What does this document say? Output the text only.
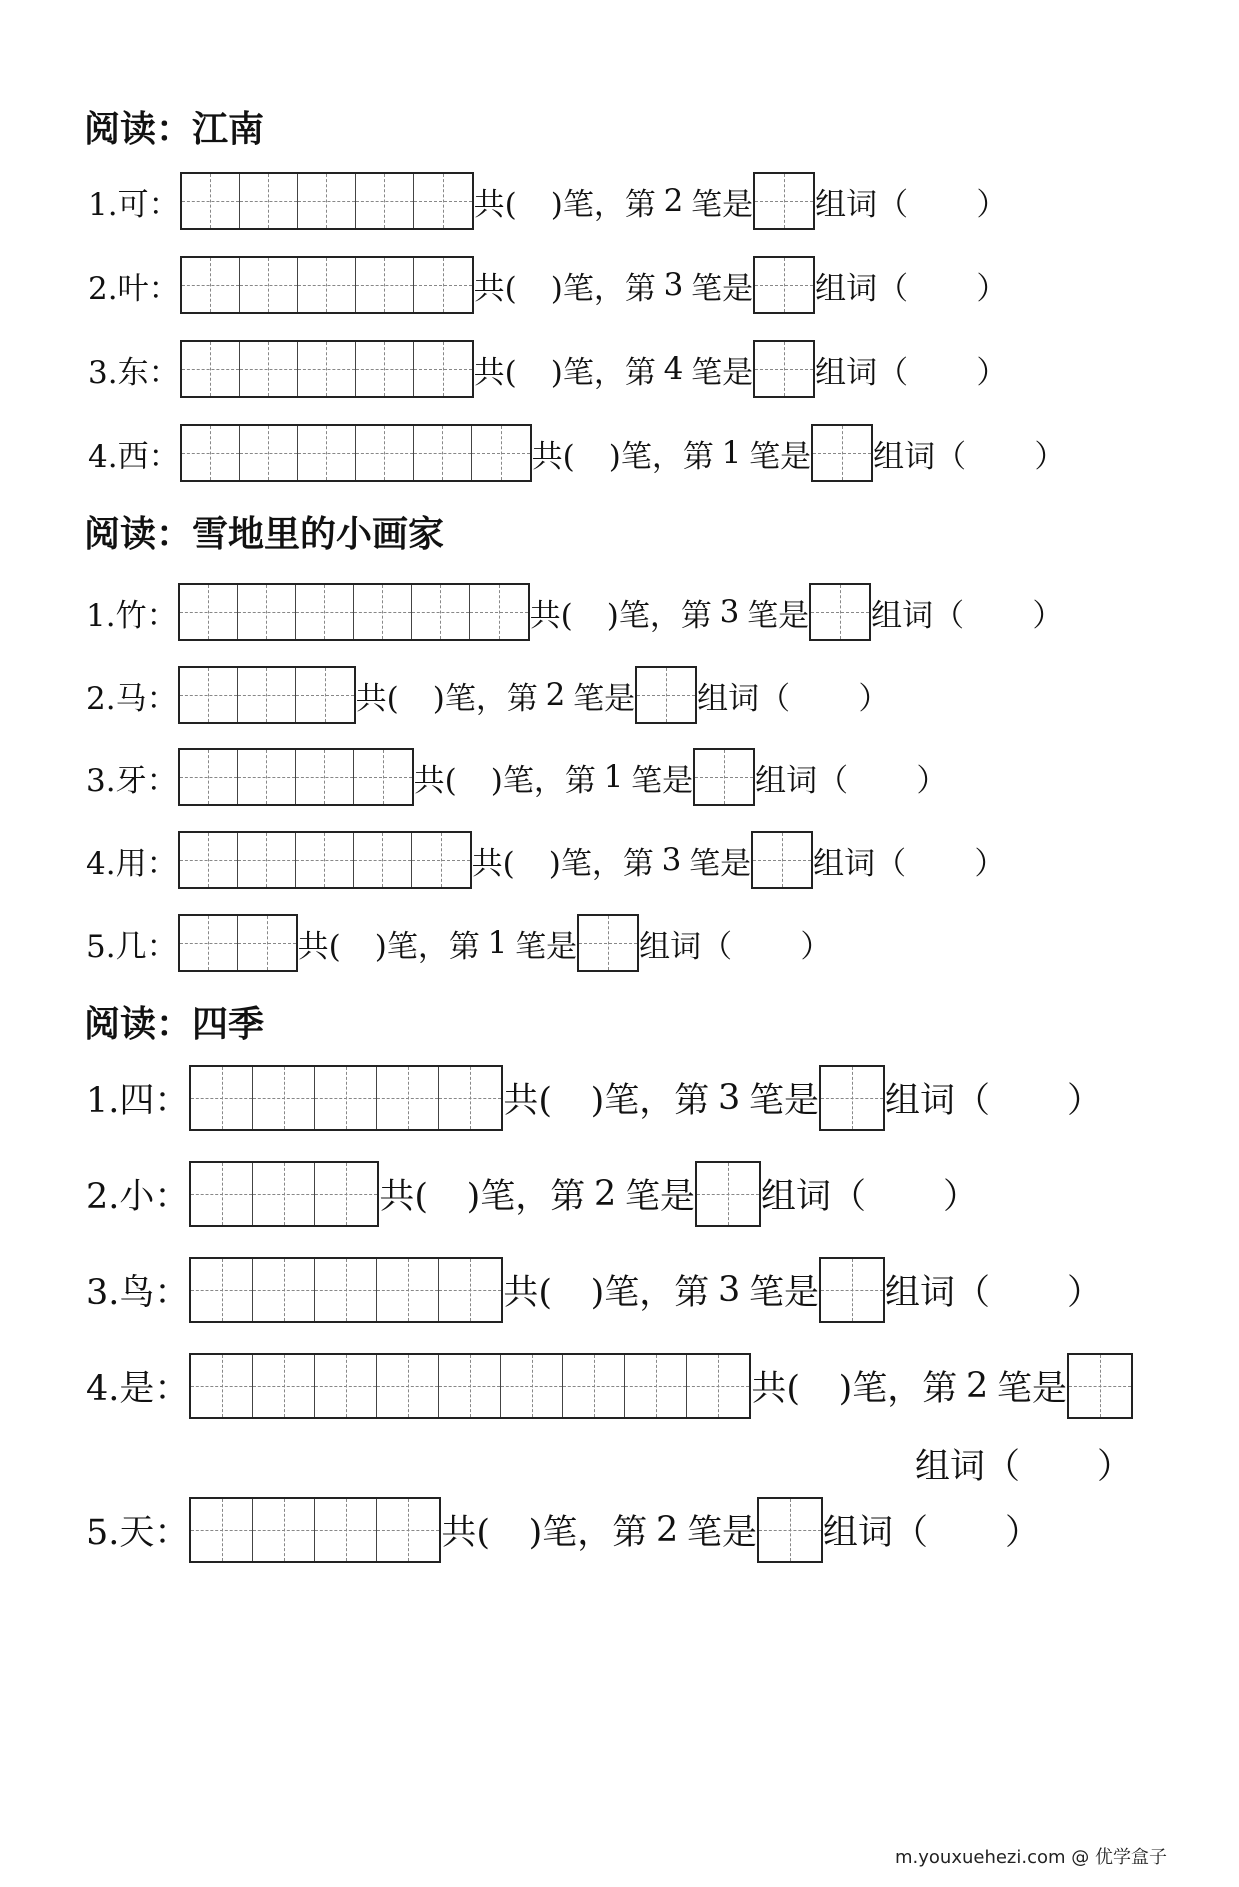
阅读：江南
1.可：	共( )笔，第 2 笔是 组词（ ）
2.叶：	共( )笔，第 3 笔是 组词（ ）
3.东：	共( )笔，第 4 笔是 组词（ ）
4.西：	共( )笔，第 1 笔是 组词（ ）
阅读：雪地里的小画家
1.竹：	共( )笔，第 3 笔是 组词（ ）
2.马：	共( )笔，第 2 笔是 组词（ ）
3.牙：	共( )笔，第 1 笔是 组词（ ）
4.用：	共( )笔，第 3 笔是 组词（ ）
5.几：	共( )笔，第 1 笔是 组词（ ）
阅读：四季
1.四：	共( )笔，第 3 笔是 组词（ ）
2.小：	共( )笔，第 2 笔是 组词（ ）
3.鸟：	共( )笔，第 3 笔是 组词（ ）
4.是：	共( )笔，第 2 笔是
组词（ ）
5.天：	共( )笔，第 2 笔是 组词（ ）
m.youxuehezi.com @ 优学盒子
